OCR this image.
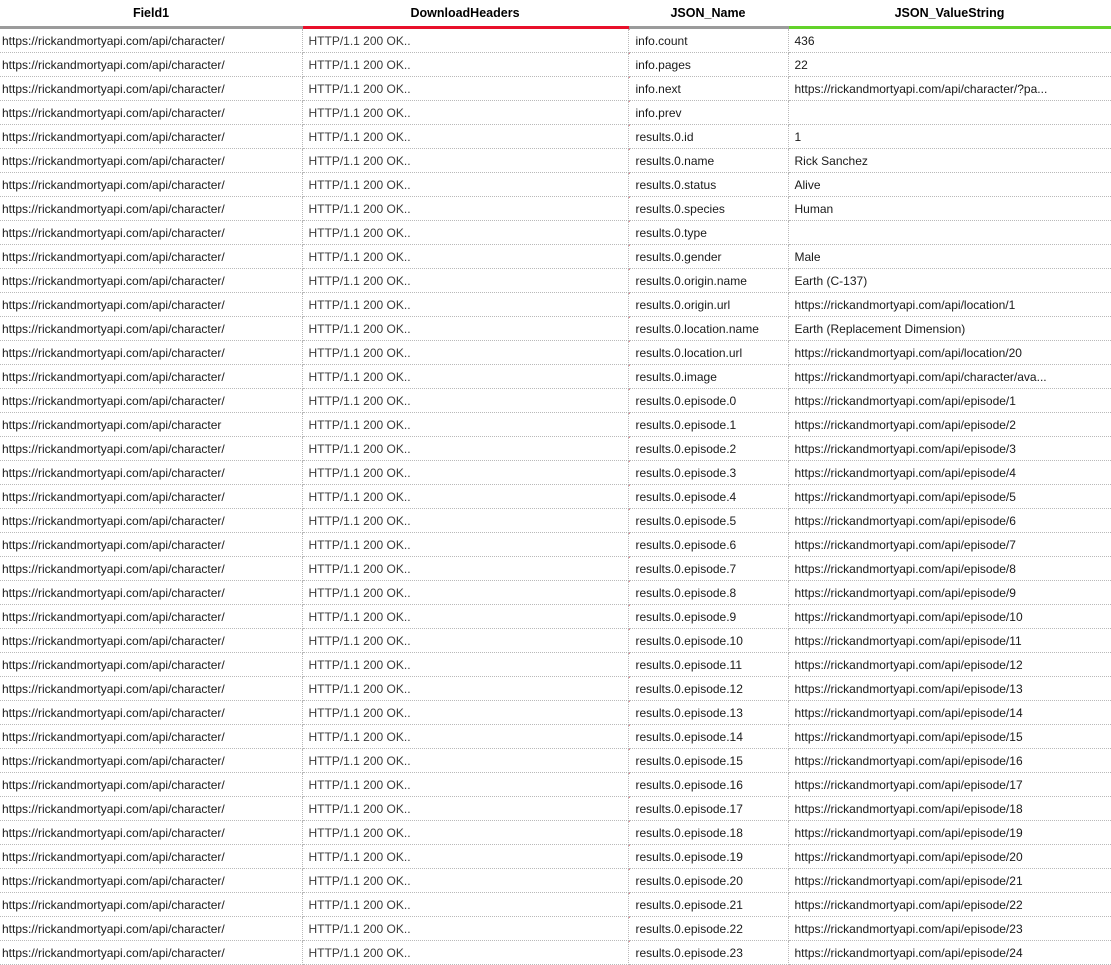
Field1	DownloadHeaders	JSON_Name	JSON_ValueString
https://rickandmortyapi.com/api/character/	HTTP/1.1 200 OK..	info.count	436
https://rickandmortyapi.com/api/character/	HTTP/1.1 200 OK..	info.pages	22
https://rickandmortyapi.com/api/character/	HTTP/1.1 200 OK..	info.next	https://rickandmortyapi.com/api/character/?pa...
https://rickandmortyapi.com/api/character/	HTTP/1.1 200 OK..	info.prev	
https://rickandmortyapi.com/api/character/	HTTP/1.1 200 OK..	results.0.id	1
https://rickandmortyapi.com/api/character/	HTTP/1.1 200 OK..	results.0.name	Rick Sanchez
https://rickandmortyapi.com/api/character/	HTTP/1.1 200 OK..	results.0.status	Alive
https://rickandmortyapi.com/api/character/	HTTP/1.1 200 OK..	results.0.species	Human
https://rickandmortyapi.com/api/character/	HTTP/1.1 200 OK..	results.0.type	
https://rickandmortyapi.com/api/character/	HTTP/1.1 200 OK..	results.0.gender	Male
https://rickandmortyapi.com/api/character/	HTTP/1.1 200 OK..	results.0.origin.name	Earth (C-137)
https://rickandmortyapi.com/api/character/	HTTP/1.1 200 OK..	results.0.origin.url	https://rickandmortyapi.com/api/location/1
https://rickandmortyapi.com/api/character/	HTTP/1.1 200 OK..	results.0.location.name	Earth (Replacement Dimension)
https://rickandmortyapi.com/api/character/	HTTP/1.1 200 OK..	results.0.location.url	https://rickandmortyapi.com/api/location/20
https://rickandmortyapi.com/api/character/	HTTP/1.1 200 OK..	results.0.image	https://rickandmortyapi.com/api/character/ava...
https://rickandmortyapi.com/api/character/	HTTP/1.1 200 OK..	results.0.episode.0	https://rickandmortyapi.com/api/episode/1
https://rickandmortyapi.com/api/character	HTTP/1.1 200 OK..	results.0.episode.1	https://rickandmortyapi.com/api/episode/2
https://rickandmortyapi.com/api/character/	HTTP/1.1 200 OK..	results.0.episode.2	https://rickandmortyapi.com/api/episode/3
https://rickandmortyapi.com/api/character/	HTTP/1.1 200 OK..	results.0.episode.3	https://rickandmortyapi.com/api/episode/4
https://rickandmortyapi.com/api/character/	HTTP/1.1 200 OK..	results.0.episode.4	https://rickandmortyapi.com/api/episode/5
https://rickandmortyapi.com/api/character/	HTTP/1.1 200 OK..	results.0.episode.5	https://rickandmortyapi.com/api/episode/6
https://rickandmortyapi.com/api/character/	HTTP/1.1 200 OK..	results.0.episode.6	https://rickandmortyapi.com/api/episode/7
https://rickandmortyapi.com/api/character/	HTTP/1.1 200 OK..	results.0.episode.7	https://rickandmortyapi.com/api/episode/8
https://rickandmortyapi.com/api/character/	HTTP/1.1 200 OK..	results.0.episode.8	https://rickandmortyapi.com/api/episode/9
https://rickandmortyapi.com/api/character/	HTTP/1.1 200 OK..	results.0.episode.9	https://rickandmortyapi.com/api/episode/10
https://rickandmortyapi.com/api/character/	HTTP/1.1 200 OK..	results.0.episode.10	https://rickandmortyapi.com/api/episode/11
https://rickandmortyapi.com/api/character/	HTTP/1.1 200 OK..	results.0.episode.11	https://rickandmortyapi.com/api/episode/12
https://rickandmortyapi.com/api/character/	HTTP/1.1 200 OK..	results.0.episode.12	https://rickandmortyapi.com/api/episode/13
https://rickandmortyapi.com/api/character/	HTTP/1.1 200 OK..	results.0.episode.13	https://rickandmortyapi.com/api/episode/14
https://rickandmortyapi.com/api/character/	HTTP/1.1 200 OK..	results.0.episode.14	https://rickandmortyapi.com/api/episode/15
https://rickandmortyapi.com/api/character/	HTTP/1.1 200 OK..	results.0.episode.15	https://rickandmortyapi.com/api/episode/16
https://rickandmortyapi.com/api/character/	HTTP/1.1 200 OK..	results.0.episode.16	https://rickandmortyapi.com/api/episode/17
https://rickandmortyapi.com/api/character/	HTTP/1.1 200 OK..	results.0.episode.17	https://rickandmortyapi.com/api/episode/18
https://rickandmortyapi.com/api/character/	HTTP/1.1 200 OK..	results.0.episode.18	https://rickandmortyapi.com/api/episode/19
https://rickandmortyapi.com/api/character/	HTTP/1.1 200 OK..	results.0.episode.19	https://rickandmortyapi.com/api/episode/20
https://rickandmortyapi.com/api/character/	HTTP/1.1 200 OK..	results.0.episode.20	https://rickandmortyapi.com/api/episode/21
https://rickandmortyapi.com/api/character/	HTTP/1.1 200 OK..	results.0.episode.21	https://rickandmortyapi.com/api/episode/22
https://rickandmortyapi.com/api/character/	HTTP/1.1 200 OK..	results.0.episode.22	https://rickandmortyapi.com/api/episode/23
https://rickandmortyapi.com/api/character/	HTTP/1.1 200 OK..	results.0.episode.23	https://rickandmortyapi.com/api/episode/24
